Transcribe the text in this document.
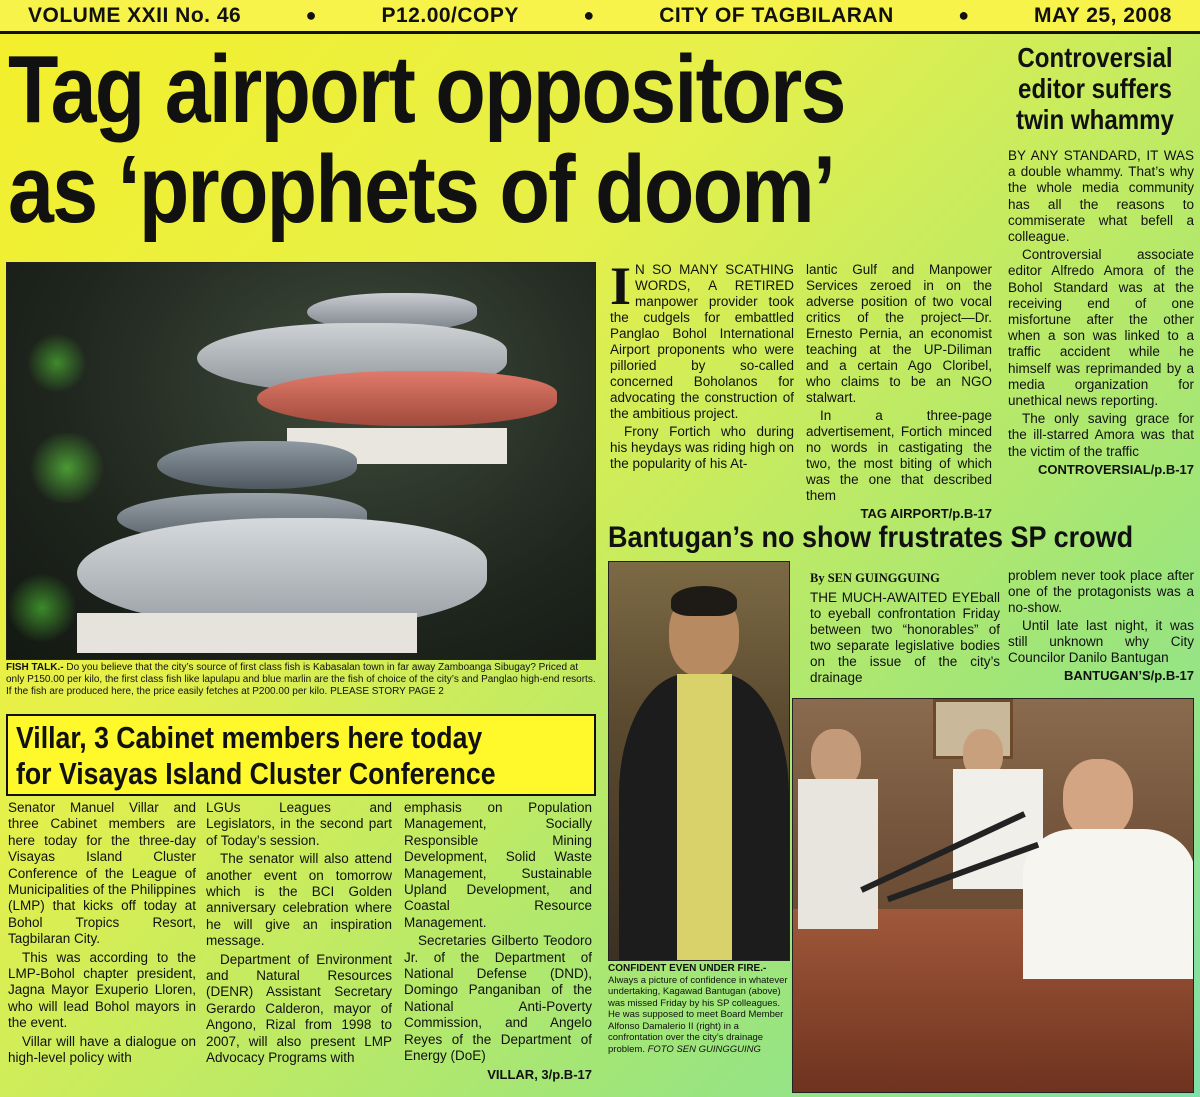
VOLUME XXII No. 46	●	P12.00/COPY	●	CITY OF TAGBILARAN	●	MAY 25, 2008
Tag airport oppositors
as ‘prophets of doom’
Controversial
editor suffers
twin whammy

BY ANY STANDARD, IT WAS a double whammy. That’s why the whole media community has all the reasons to commiserate what befell a colleague.

Controversial associate editor Alfredo Amora of the Bohol Standard was at the receiving end of one misfortune after the other when a son was linked to a traffic accident while he himself was reprimanded by a media organization for unethical news reporting.

The only saving grace for the ill-starred Amora was that the victim of the traffic

CONTROVERSIAL/p.B-17
FISH TALK.- Do you believe that the city’s source of first class fish is Kabasalan town in far away Zamboanga Sibugay? Priced at only P150.00 per kilo, the first class fish like lapulapu and blue marlin are the fish of choice of the city’s and Panglao high-end resorts. If the fish are produced here, the price easily fetches at P200.00 per kilo. PLEASE STORY PAGE 2

I N SO MANY SCATHING WORDS, A RETIRED manpower provider took the cudgels for embattled Panglao Bohol International Airport proponents who were pilloried by so-called concerned Boholanos for advocating the construction of the ambitious project.

Frony Fortich who during his heydays was riding high on the popularity of his At-

lantic Gulf and Manpower Services zeroed in on the adverse position of two vocal critics of the project—Dr. Ernesto Pernia, an economist teaching at the UP-Diliman and a certain Ago Cloribel, who claims to be an NGO stalwart.

In a three-page advertisement, Fortich minced no words in castigating the two, the most biting of which was the one that described them

TAG AIRPORT/p.B-17
Villar, 3 Cabinet members here today
for Visayas Island Cluster Conference

Senator Manuel Villar and three Cabinet members are here today for the three-day Visayas Island Cluster Conference of the League of Municipalities of the Philippines (LMP) that kicks off today at Bohol Tropics Resort, Tagbilaran City.

This was according to the LMP-Bohol chapter president, Jagna Mayor Exuperio Lloren, who will lead Bohol mayors in the event.

Villar will have a dialogue on high-level policy with

LGUs Leagues and Legislators, in the second part of Today’s session.

The senator will also attend another event on tomorrow which is the BCI Golden anniversary celebration where he will give an inspiration message.

Department of Environment and Natural Resources (DENR) Assistant Secretary Gerardo Calderon, mayor of Angono, Rizal from 1998 to 2007, will also present LMP Advocacy Programs with

emphasis on Population Management, Socially Responsible Mining Development, Solid Waste Management, Sustainable Upland Development, and Coastal Resource Management.

Secretaries Gilberto Teodoro Jr. of the Department of National Defense (DND), Domingo Panganiban of the National Anti-Poverty Commission, and Angelo Reyes of the Department of Energy (DoE)

VILLAR, 3/p.B-17
Bantugan’s no show frustrates SP crowd
CONFIDENT EVEN UNDER FIRE.- Always a picture of confidence in whatever undertaking, Kagawad Bantugan (above) was missed Friday by his SP colleagues. He was supposed to meet Board Member Alfonso Damalerio II (right) in a confrontation over the city’s drainage problem. FOTO SEN GUINGGUING
By SEN GUINGGUING

THE MUCH-AWAITED EYEball to eyeball confrontation Friday between two “honorables” of two separate legislative bodies on the issue of the city’s drainage

problem never took place after one of the protagonists was a no-show.

Until late last night, it was still unknown why City Councilor Danilo Bantugan

BANTUGAN’S/p.B-17
